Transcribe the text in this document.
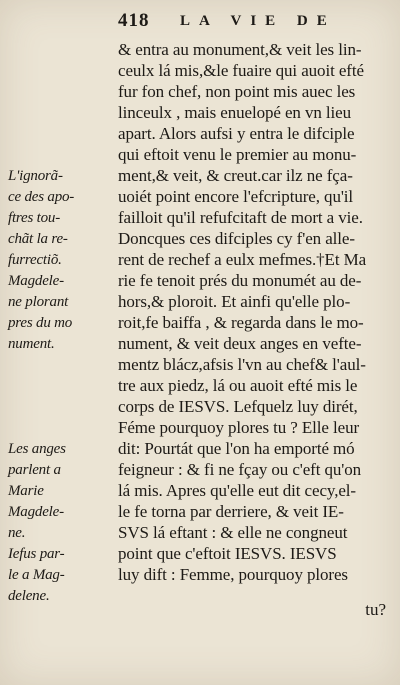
418 LA VIE DE
& entra au monument,& veit les lin-
ceulx lá mis,&le fuaire qui auoit efté
fur fon chef, non point mis auec les
linceulx , mais enuelopé en vn lieu
apart. Alors aufsi y entra le difciple
qui eftoit venu le premier au monu-
ment,& veit, & creut.car ilz ne fça-
uoiét point encore l'efcripture, qu'il
failloit qu'il refufcitaft de mort a vie.
Doncques ces difciples cy f'en alle-
rent de rechef a eulx mefmes.†Et Ma
rie fe tenoit prés du monumét au de-
hors,& ploroit. Et ainfi qu'elle plo-
roit,fe baiffa , & regarda dans le mo-
nument, & veit deux anges en vefte-
mentz blácz,afsis l'vn au chef& l'aul-
tre aux piedz, lá ou auoit efté mis le
corps de IESVS. Lefquelz luy dirét,
Féme pourquoy plores tu ? Elle leur
dit: Pourtát que l'on ha emporté mó
feigneur : & fi ne fçay ou c'eft qu'on
lá mis. Apres qu'elle eut dit cecy,el-
le fe torna par derriere, & veit IE-
SVS lá eftant : & elle ne congneut
point que c'eftoit IESVS. IESVS
luy dift : Femme, pourquoy plores
L'ignorã-
ce des apo-
ftres tou-
chãt la re-
furrectiõ.
Magdele-
ne plorant
pres du mo
nument.
Les anges
parlent a
Marie
Magdele-
ne.
Iefus par-
le a Mag-
delene.
tu?
